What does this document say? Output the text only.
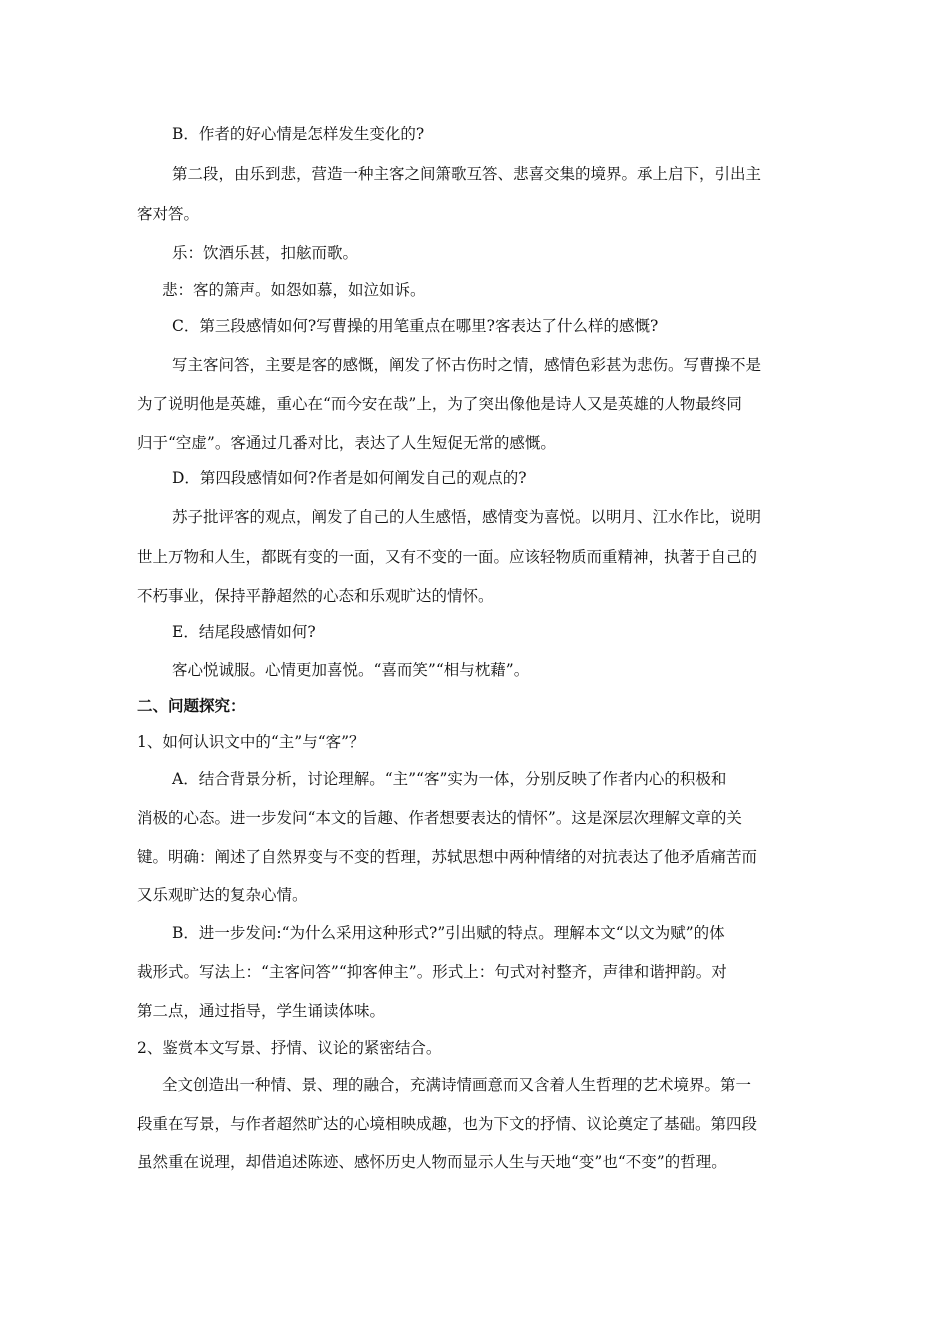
B．作者的好心情是怎样发生变化的?
第二段，由乐到悲，营造一种主客之间箫歌互答、悲喜交集的境界。承上启下，引出主
客对答。
乐：饮酒乐甚，扣舷而歌。
悲：客的箫声。如怨如慕，如泣如诉。
C．第三段感情如何?写曹操的用笔重点在哪里?客表达了什么样的感慨?
写主客问答，主要是客的感慨，阐发了怀古伤时之情，感情色彩甚为悲伤。写曹操不是
为了说明他是英雄，重心在“而今安在哉”上，为了突出像他是诗人又是英雄的人物最终同
归于“空虚”。客通过几番对比，表达了人生短促无常的感慨。
D．第四段感情如何?作者是如何阐发自己的观点的?
苏子批评客的观点，阐发了自己的人生感悟，感情变为喜悦。以明月、江水作比，说明
世上万物和人生，都既有变的一面，又有不变的一面。应该轻物质而重精神，执著于自己的
不朽事业，保持平静超然的心态和乐观旷达的情怀。
E．结尾段感情如何?
客心悦诚服。心情更加喜悦。“喜而笑”“相与枕藉”。
二、问题探究：
1、如何认识文中的“主”与“客”？
A．结合背景分析，讨论理解。“主”“客”实为一体，分别反映了作者内心的积极和
消极的心态。进一步发问“本文的旨趣、作者想要表达的情怀”。这是深层次理解文章的关
键。明确：阐述了自然界变与不变的哲理，苏轼思想中两种情绪的对抗表达了他矛盾痛苦而
又乐观旷达的复杂心情。
B．进一步发问:“为什么采用这种形式?”引出赋的特点。理解本文“以文为赋”的体
裁形式。写法上：“主客问答”“抑客伸主”。形式上：句式对衬整齐，声律和谐押韵。对
第二点，通过指导，学生诵读体味。
2、鉴赏本文写景、抒情、议论的紧密结合。
全文创造出一种情、景、理的融合，充满诗情画意而又含着人生哲理的艺术境界。第一
段重在写景，与作者超然旷达的心境相映成趣，也为下文的抒情、议论奠定了基础。第四段
虽然重在说理，却借追述陈迹、感怀历史人物而显示人生与天地“变”也“不变”的哲理。
